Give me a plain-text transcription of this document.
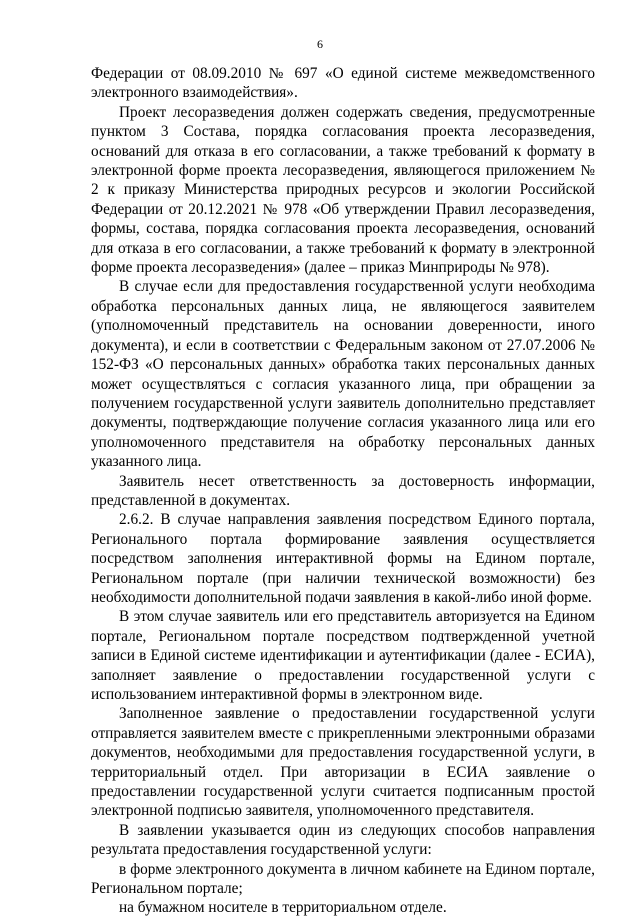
6

Федерации от 08.09.2010 № 697 «О единой системе межведомственного электронного взаимодействия».

Проект лесоразведения должен содержать сведения, предусмотренные пунктом 3 Состава, порядка согласования проекта лесоразведения, оснований для отказа в его согласовании, а также требований к формату в электронной форме проекта лесоразведения, являющегося приложением № 2 к приказу Министерства природных ресурсов и экологии Российской Федерации от 20.12.2021 № 978 «Об утверждении Правил лесоразведения, формы, состава, порядка согласования проекта лесоразведения, оснований для отказа в его согласовании, а также требований к формату в электронной форме проекта лесоразведения» (далее – приказ Минприроды № 978).

В случае если для предоставления государственной услуги необходима обработка персональных данных лица, не являющегося заявителем (уполномоченный представитель на основании доверенности, иного документа), и если в соответствии с Федеральным законом от 27.07.2006 № 152-ФЗ «О персональных данных» обработка таких персональных данных может осуществляться с согласия указанного лица, при обращении за получением государственной услуги заявитель дополнительно представляет документы, подтверждающие получение согласия указанного лица или его уполномоченного представителя на обработку персональных данных указанного лица.

Заявитель несет ответственность за достоверность информации, представленной в документах.

2.6.2. В случае направления заявления посредством Единого портала, Регионального портала формирование заявления осуществляется посредством заполнения интерактивной формы на Едином портале, Региональном портале (при наличии технической возможности) без необходимости дополнительной подачи заявления в какой-либо иной форме.

В этом случае заявитель или его представитель авторизуется на Едином портале, Региональном портале посредством подтвержденной учетной записи в Единой системе идентификации и аутентификации (далее - ЕСИА), заполняет заявление о предоставлении государственной услуги с использованием интерактивной формы в электронном виде.

Заполненное заявление о предоставлении государственной услуги отправляется заявителем вместе с прикрепленными электронными образами документов, необходимыми для предоставления государственной услуги, в территориальный отдел. При авторизации в ЕСИА заявление о предоставлении государственной услуги считается подписанным простой электронной подписью заявителя, уполномоченного представителя.

В заявлении указывается один из следующих способов направления результата предоставления государственной услуги:

в форме электронного документа в личном кабинете на Едином портале, Региональном портале;

на бумажном носителе в территориальном отделе.
